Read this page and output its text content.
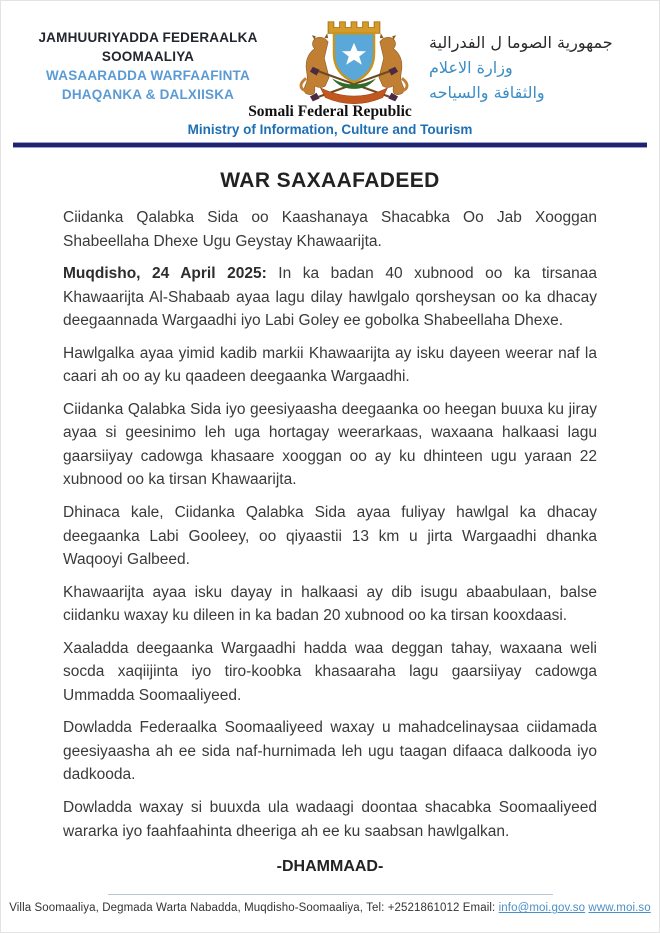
JAMHUURIYADDA FEDERAALKA
SOOMAALIYA
WASAARADDA WARFAAFINTA
DHAQANKA & DALXIISKA
جمهورية الصوما ل الفدرالية
وزارة الاعلام
والثقافة والسياحه
Somali Federal Republic
Ministry of Information, Culture and Tourism
WAR SAXAAFADEED

Ciidanka Qalabka Sida oo Kaashanaya Shacabka Oo Jab Xooggan Shabeellaha Dhexe Ugu Geystay Khawaarijta.

Muqdisho, 24 April 2025: In ka badan 40 xubnood oo ka tirsanaa Khawaarijta Al-Shabaab ayaa lagu dilay hawlgalo qorsheysan oo ka dhacay deegaannada Wargaadhi iyo Labi Goley ee gobolka Shabeellaha Dhexe.

Hawlgalka ayaa yimid kadib markii Khawaarijta ay isku dayeen weerar naf la caari ah oo ay ku qaadeen deegaanka Wargaadhi.

Ciidanka Qalabka Sida iyo geesiyaasha deegaanka oo heegan buuxa ku jiray ayaa si geesinimo leh uga hortagay weerarkaas, waxaana halkaasi lagu gaarsiiyay cadowga khasaare xooggan oo ay ku dhinteen ugu yaraan 22 xubnood oo ka tirsan Khawaarijta.

Dhinaca kale, Ciidanka Qalabka Sida ayaa fuliyay hawlgal ka dhacay deegaanka Labi Gooleey, oo qiyaastii 13 km u jirta Wargaadhi dhanka Waqooyi Galbeed.

Khawaarijta ayaa isku dayay in halkaasi ay dib isugu abaabulaan, balse ciidanku waxay ku dileen in ka badan 20 xubnood oo ka tirsan kooxdaasi.

Xaaladda deegaanka Wargaadhi hadda waa deggan tahay, waxaana weli socda xaqiijinta iyo tiro-koobka khasaaraha lagu gaarsiiyay cadowga Ummadda Soomaaliyeed.

Dowladda Federaalka Soomaaliyeed waxay u mahadcelinaysaa ciidamada geesiyaasha ah ee sida naf-hurnimada leh ugu taagan difaaca dalkooda iyo dadkooda.

Dowladda waxay si buuxda ula wadaagi doontaa shacabka Soomaaliyeed wararka iyo faahfaahinta dheeriga ah ee ku saabsan hawlgalkan.

-DHAMMAAD-
Villa Soomaaliya, Degmada Warta Nabadda, Muqdisho-Soomaaliya, Tel: +2521861012 Email: info@moi.gov.so www.moi.so
